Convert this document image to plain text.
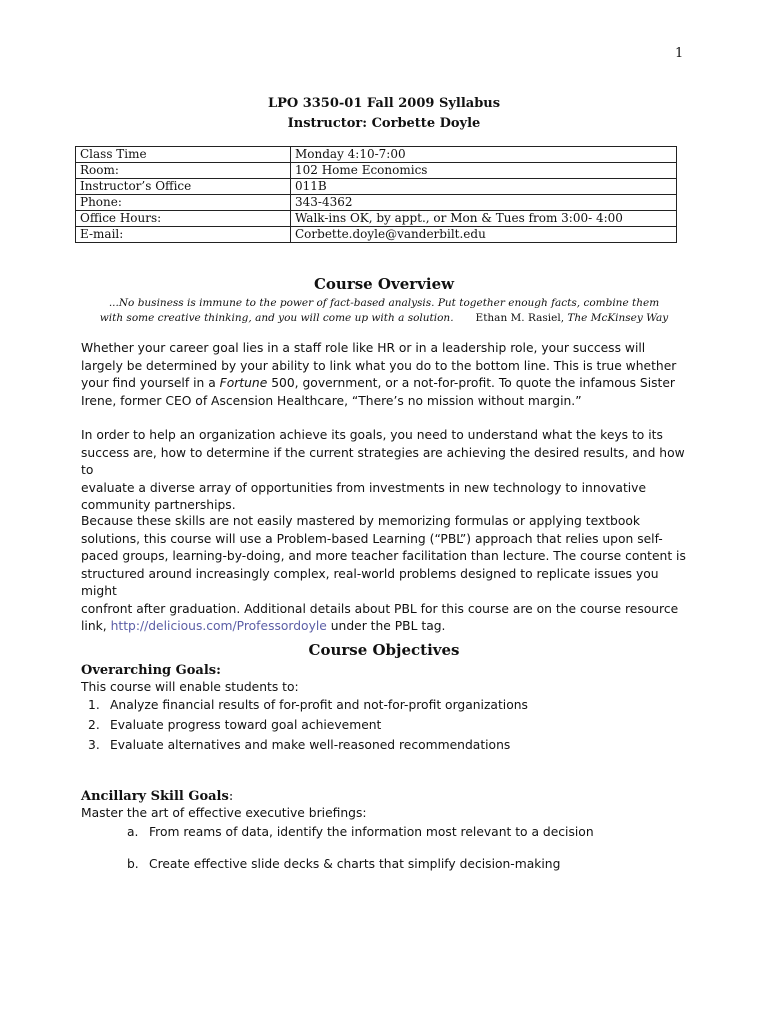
1
LPO 3350-01 Fall 2009 Syllabus
Instructor: Corbette Doyle
Class Time	Monday 4:10-7:00
Room:	102 Home Economics
Instructor’s Office	011B
Phone:	343-4362
Office Hours:	Walk-ins OK, by appt., or Mon & Tues from 3:00- 4:00
E-mail:	Corbette.doyle@vanderbilt.edu
Course Overview
...No business is immune to the power of fact-based analysis. Put together enough facts, combine them
with some creative thinking, and you will come up with a solution. Ethan M. Rasiel, The McKinsey Way
Whether your career goal lies in a staff role like HR or in a leadership role, your success will
largely be determined by your ability to link what you do to the bottom line. This is true whether
your find yourself in a Fortune 500, government, or a not-for-profit. To quote the infamous Sister
Irene, former CEO of Ascension Healthcare, “There’s no mission without margin.”
In order to help an organization achieve its goals, you need to understand what the keys to its
success are, how to determine if the current strategies are achieving the desired results, and how to
evaluate a diverse array of opportunities from investments in new technology to innovative
community partnerships.
Because these skills are not easily mastered by memorizing formulas or applying textbook
solutions, this course will use a Problem-based Learning (“PBL”) approach that relies upon self-
paced groups, learning-by-doing, and more teacher facilitation than lecture. The course content is
structured around increasingly complex, real-world problems designed to replicate issues you might
confront after graduation. Additional details about PBL for this course are on the course resource
link, http://delicious.com/Professordoyle under the PBL tag.
Course Objectives
Overarching Goals:
This course will enable students to:
1. Analyze financial results of for-profit and not-for-profit organizations
2. Evaluate progress toward goal achievement
3. Evaluate alternatives and make well-reasoned recommendations
Ancillary Skill Goals:
Master the art of effective executive briefings:
a. From reams of data, identify the information most relevant to a decision
b. Create effective slide decks & charts that simplify decision-making
